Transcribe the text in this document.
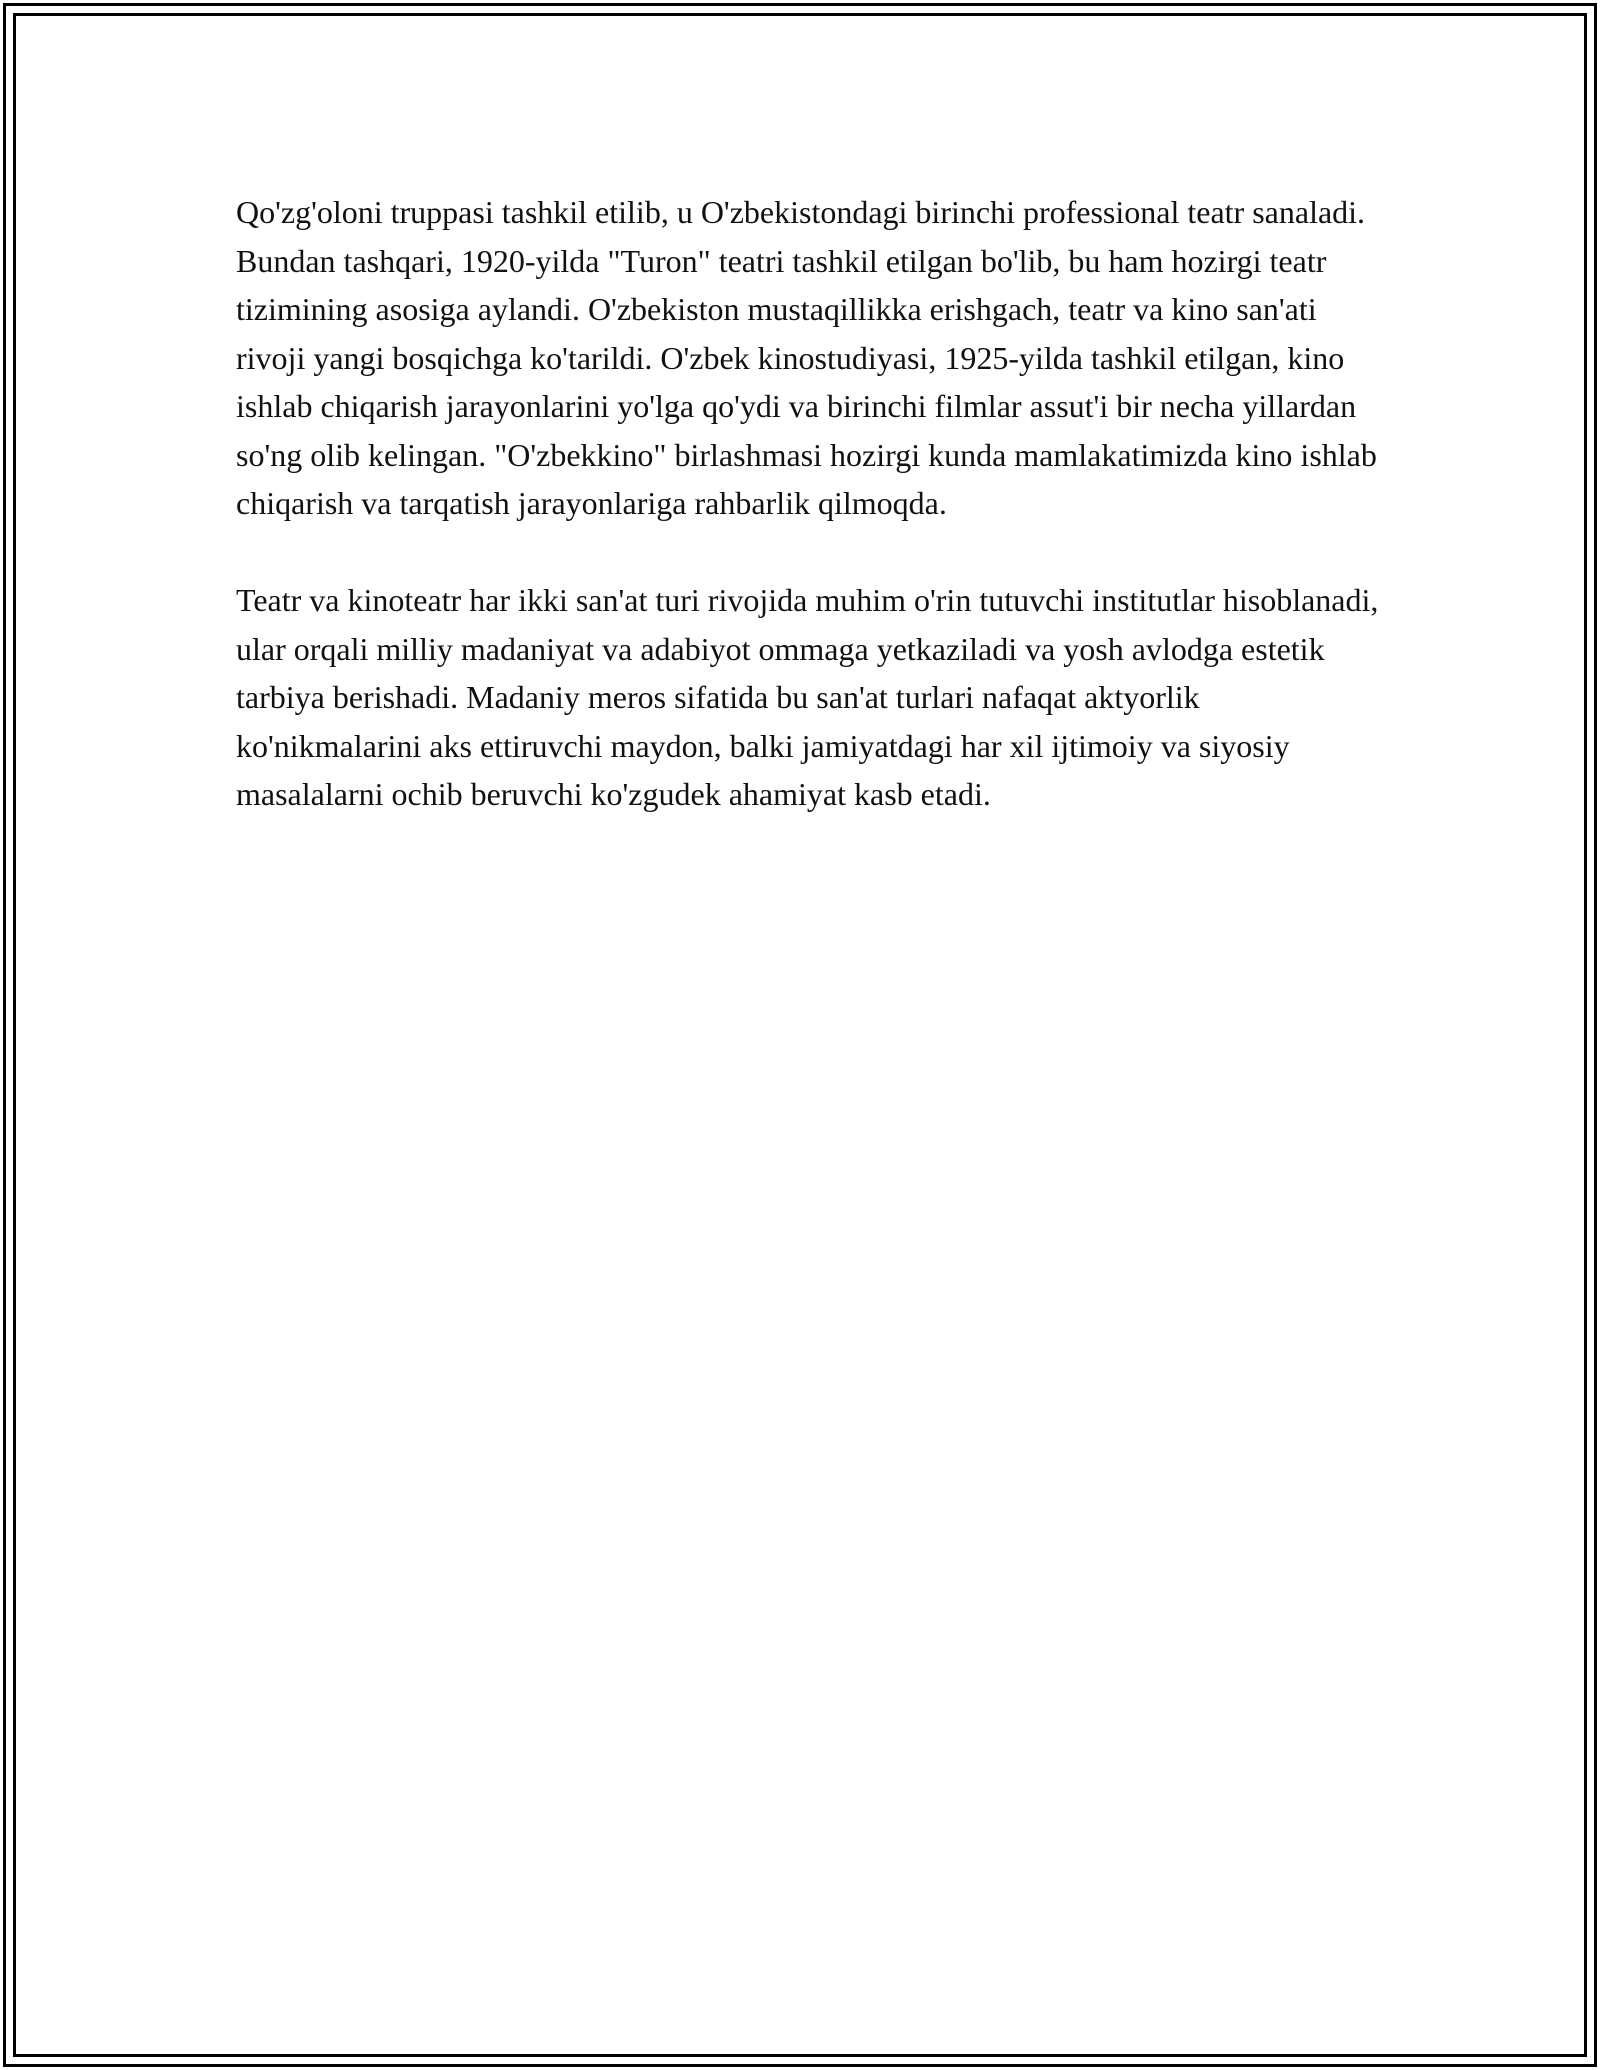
Qo'zg'oloni truppasi tashkil etilib, u O'zbekistondagi birinchi professional teatr sanaladi. Bundan tashqari, 1920-yilda "Turon" teatri tashkil etilgan bo'lib, bu ham hozirgi teatr tizimining asosiga aylandi. O'zbekiston mustaqillikka erishgach, teatr va kino san'ati rivoji yangi bosqichga ko'tarildi. O'zbek kinostudiyasi, 1925-yilda tashkil etilgan, kino ishlab chiqarish jarayonlarini yo'lga qo'ydi va birinchi filmlar assut'i bir necha yillardan so'ng olib kelingan. "O'zbekkino" birlashmasi hozirgi kunda mamlakatimizda kino ishlab chiqarish va tarqatish jarayonlariga rahbarlik qilmoqda.

Teatr va kinoteatr har ikki san'at turi rivojida muhim o'rin tutuvchi institutlar hisoblanadi, ular orqali milliy madaniyat va adabiyot ommaga yetkaziladi va yosh avlodga estetik tarbiya berishadi. Madaniy meros sifatida bu san'at turlari nafaqat aktyorlik ko'nikmalarini aks ettiruvchi maydon, balki jamiyatdagi har xil ijtimoiy va siyosiy masalalarni ochib beruvchi ko'zgudek ahamiyat kasb etadi.
